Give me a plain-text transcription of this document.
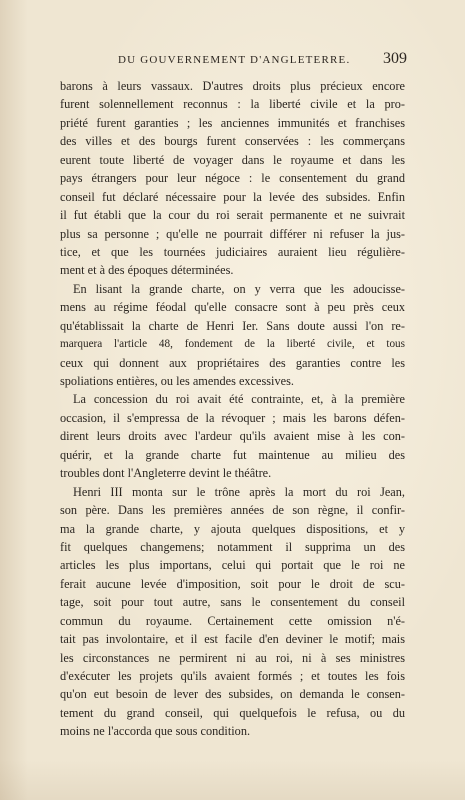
DU GOUVERNEMENT D'ANGLETERRE. 309
barons à leurs vassaux. D'autres droits plus précieux encore
furent solennellement reconnus : la liberté civile et la pro-
priété furent garanties ; les anciennes immunités et franchises
des villes et des bourgs furent conservées : les commerçans
eurent toute liberté de voyager dans le royaume et dans les
pays étrangers pour leur négoce : le consentement du grand
conseil fut déclaré nécessaire pour la levée des subsides. Enfin
il fut établi que la cour du roi serait permanente et ne suivrait
plus sa personne ; qu'elle ne pourrait différer ni refuser la jus-
tice, et que les tournées judiciaires auraient lieu régulière-
ment et à des époques déterminées.
En lisant la grande charte, on y verra que les adoucisse-
mens au régime féodal qu'elle consacre sont à peu près ceux
qu'établissait la charte de Henri Ier. Sans doute aussi l'on re-
marquera l'article 48, fondement de la liberté civile, et tous
ceux qui donnent aux propriétaires des garanties contre les
spoliations entières, ou les amendes excessives.
La concession du roi avait été contrainte, et, à la première
occasion, il s'empressa de la révoquer ; mais les barons défen-
dirent leurs droits avec l'ardeur qu'ils avaient mise à les con-
quérir, et la grande charte fut maintenue au milieu des
troubles dont l'Angleterre devint le théâtre.
Henri III monta sur le trône après la mort du roi Jean,
son père. Dans les premières années de son règne, il confir-
ma la grande charte, y ajouta quelques dispositions, et y
fit quelques changemens; notamment il supprima un des
articles les plus importans, celui qui portait que le roi ne
ferait aucune levée d'imposition, soit pour le droit de scu-
tage, soit pour tout autre, sans le consentement du conseil
commun du royaume. Certainement cette omission n'é-
tait pas involontaire, et il est facile d'en deviner le motif; mais
les circonstances ne permirent ni au roi, ni à ses ministres
d'exécuter les projets qu'ils avaient formés ; et toutes les fois
qu'on eut besoin de lever des subsides, on demanda le consen-
tement du grand conseil, qui quelquefois le refusa, ou du
moins ne l'accorda que sous condition.
